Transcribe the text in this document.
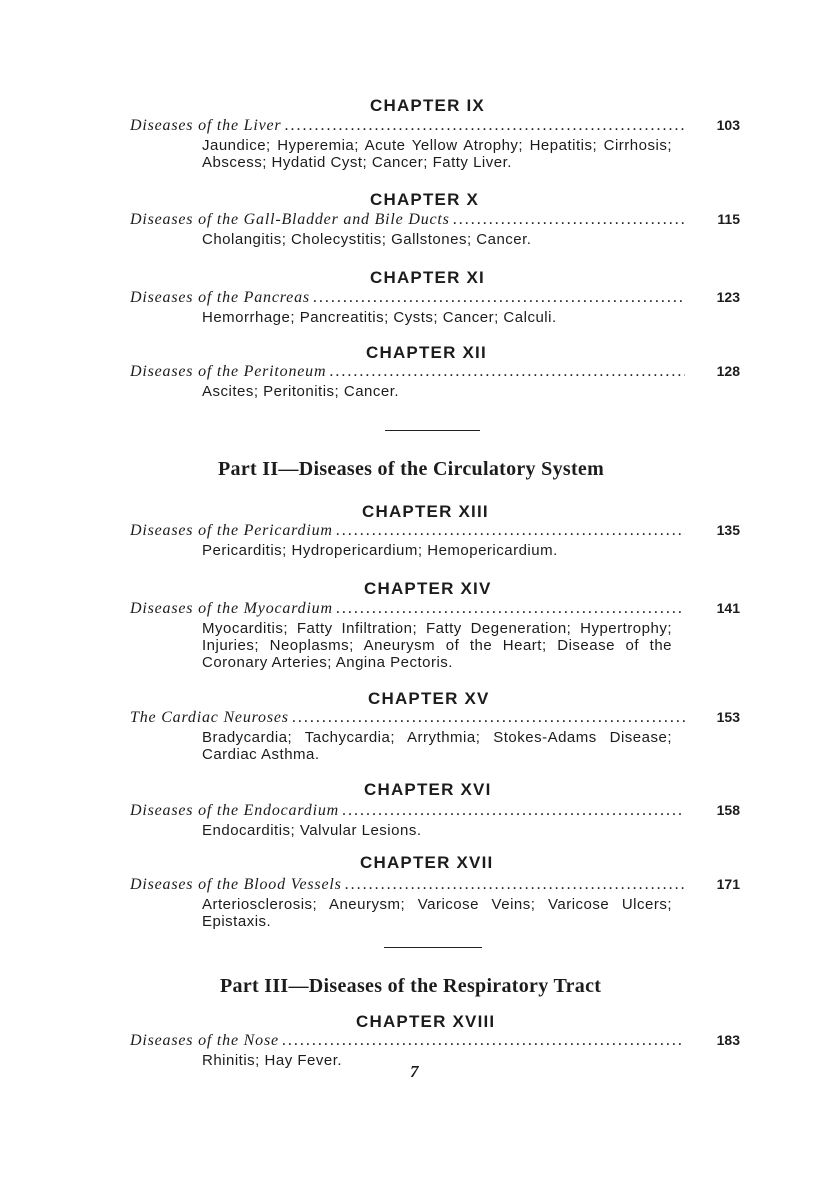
CHAPTER IX
Diseases of the Liver . . .	103
Jaundice; Hyperemia; Acute Yellow Atrophy; Hepatitis; Cirrhosis; Abscess; Hydatid Cyst; Cancer; Fatty Liver.
CHAPTER X
Diseases of the Gall-Bladder and Bile Ducts . . .	115
Cholangitis; Cholecystitis; Gallstones; Cancer.
CHAPTER XI
Diseases of the Pancreas . . .	123
Hemorrhage; Pancreatitis; Cysts; Cancer; Calculi.
CHAPTER XII
Diseases of the Peritoneum . . .	128
Ascites; Peritonitis; Cancer.
Part II—Diseases of the Circulatory System
CHAPTER XIII
Diseases of the Pericardium . . .	135
Pericarditis; Hydropericardium; Hemopericardium.
CHAPTER XIV
Diseases of the Myocardium . . .	141
Myocarditis; Fatty Infiltration; Fatty Degeneration; Hypertrophy; Injuries; Neoplasms; Aneurysm of the Heart; Disease of the Coronary Arteries; Angina Pectoris.
CHAPTER XV
The Cardiac Neuroses . . .	153
Bradycardia; Tachycardia; Arrythmia; Stokes-Adams Disease; Cardiac Asthma.
CHAPTER XVI
Diseases of the Endocardium . . .	158
Endocarditis; Valvular Lesions.
CHAPTER XVII
Diseases of the Blood Vessels . . .	171
Arteriosclerosis; Aneurysm; Varicose Veins; Varicose Ulcers; Epistaxis.
Part III—Diseases of the Respiratory Tract
CHAPTER XVIII
Diseases of the Nose . . .	183
Rhinitis; Hay Fever.
7
